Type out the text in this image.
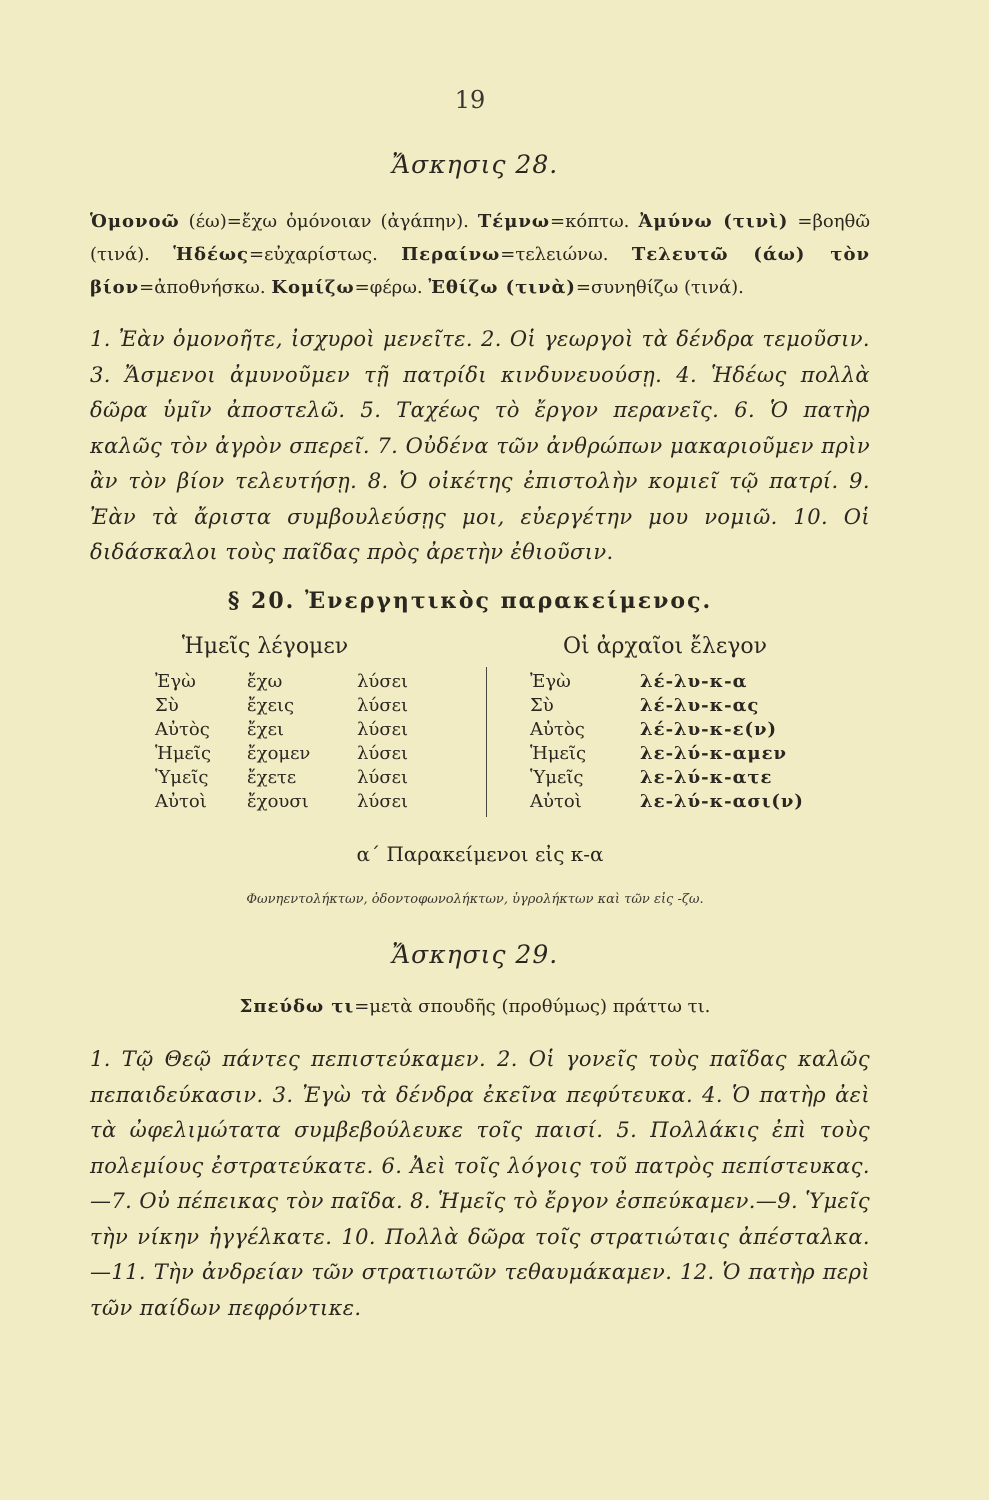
19
Ἄσκησις 28.
Ὁμονοῶ (έω)=ἔχω ὁμόνοιαν (ἀγάπην). Τέμνω=κόπτω. Ἀμύνω (τινὶ) =βοηθῶ (τινά). Ἡδέως=εὐχαρίστως. Περαίνω=τελειώνω. Τελευτῶ (άω) τὸν βίον=ἀποθνήσκω. Κομίζω=φέρω. Ἐθίζω (τινὰ)=συνηθίζω (τινά).
1. Ἐὰν ὁμονοῆτε, ἰσχυροὶ μενεῖτε. 2. Οἱ γεωργοὶ τὰ δένδρα τεμοῦσιν. 3. Ἄσμενοι ἀμυνοῦμεν τῇ πατρίδι κινδυνευούσῃ. 4. Ἡδέως πολλὰ δῶρα ὑμῖν ἀποστελῶ. 5. Ταχέως τὸ ἔργον περανεῖς. 6. Ὁ πατὴρ καλῶς τὸν ἀγρὸν σπερεῖ. 7. Οὐδένα τῶν ἀνθρώπων μακαριοῦμεν πρὶν ἂν τὸν βίον τελευτήσῃ. 8. Ὁ οἰκέτης ἐπιστολὴν κομιεῖ τῷ πατρί. 9. Ἐὰν τὰ ἄριστα συμβουλεύσῃς μοι, εὐεργέτην μου νομιῶ. 10. Οἱ διδάσκαλοι τοὺς παῖδας πρὸς ἀρετὴν ἐθιοῦσιν.
§ 20. Ἐνεργητικὸς παρακείμενος.
Ἡμεῖς λέγομεν	Οἱ ἀρχαῖοι ἔλεγον
Ἐγὼ	ἔχω	λύσει
Σὺ	ἔχεις	λύσει
Αὐτὸς ἔχει	λύσει
Ἡμεῖς ἔχομεν	λύσει
Ὑμεῖς ἔχετε	λύσει
Αὐτοὶ ἔχουσι	λύσει
Ἐγὼ	λέ-λυ-κ-α
Σὺ	λέ-λυ-κ-ας
Αὐτὸς	λέ-λυ-κ-ε(ν)
Ἡμεῖς	λε-λύ-κ-αμεν
Ὑμεῖς	λε-λύ-κ-ατε
Αὐτοὶ	λε-λύ-κ-ασι(ν)
α΄ Παρακείμενοι εἰς κ-α
Φωνηεντολήκτων, ὀδοντοφωνολήκτων, ὑγρολήκτων καὶ τῶν εἰς -ζω.
Ἄσκησις 29.
Σπεύδω τι=μετὰ σπουδῆς (προθύμως) πράττω τι.
1. Τῷ Θεῷ πάντες πεπιστεύκαμεν. 2. Οἱ γονεῖς τοὺς παῖδας καλῶς πεπαιδεύκασιν. 3. Ἐγὼ τὰ δένδρα ἐκεῖνα πεφύτευκα. 4. Ὁ πατὴρ ἀεὶ τὰ ὠφελιμώτατα συμβεβούλευκε τοῖς παισί. 5. Πολλάκις ἐπὶ τοὺς πολεμίους ἐστρατεύκατε. 6. Ἀεὶ τοῖς λόγοις τοῦ πατρὸς πεπίστευκας.—7. Οὐ πέπεικας τὸν παῖδα. 8. Ἡμεῖς τὸ ἔργον ἐσπεύκαμεν.—9. Ὑμεῖς τὴν νίκην ἠγγέλκατε. 10. Πολλὰ δῶρα τοῖς στρατιώταις ἀπέσταλκα.—11. Τὴν ἀνδρείαν τῶν στρατιωτῶν τεθαυμάκαμεν. 12. Ὁ πατὴρ περὶ τῶν παίδων πεφρόντικε.
